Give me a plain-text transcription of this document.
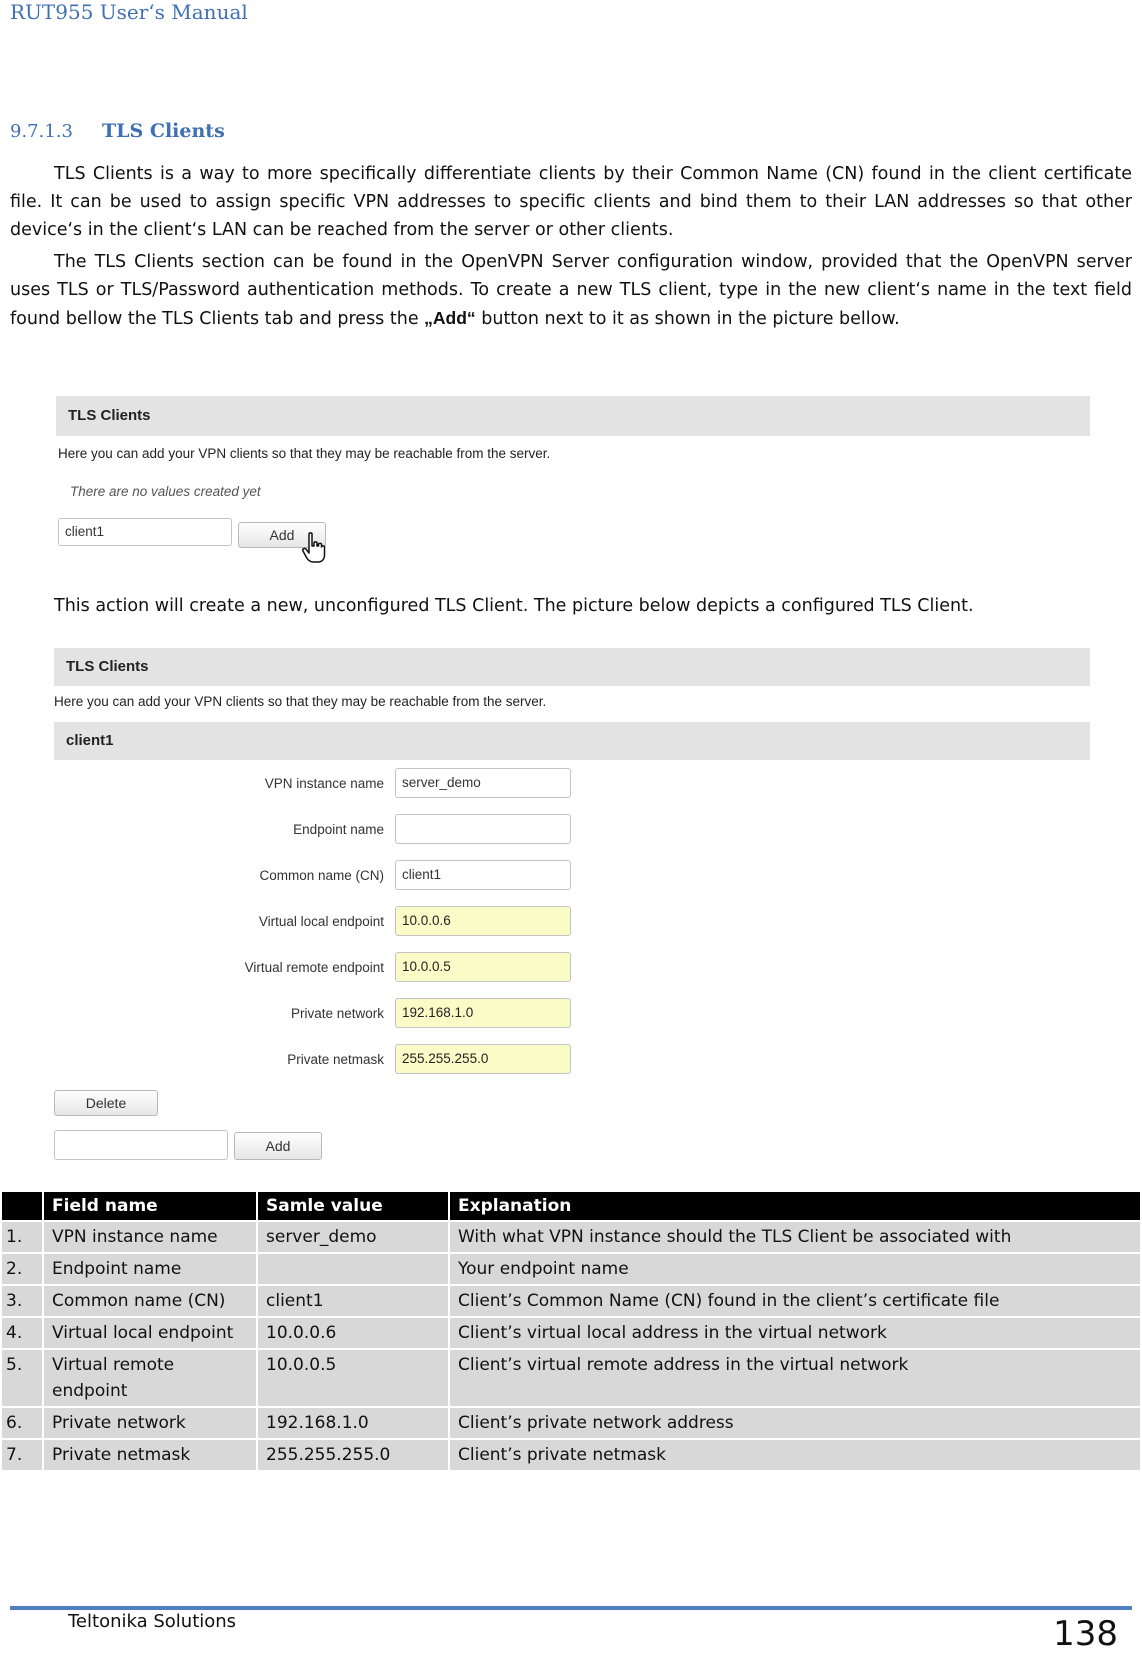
RUT955 User‘s Manual
9.7.1.3 TLS Clients
TLS Clients is a way to more specifically differentiate clients by their Common Name (CN) found in the client certificate file. It can be used to assign specific VPN addresses to specific clients and bind them to their LAN addresses so that other device‘s in the client‘s LAN can be reached from the server or other clients.
The TLS Clients section can be found in the OpenVPN Server configuration window, provided that the OpenVPN server uses TLS or TLS/Password authentication methods. To create a new TLS client, type in the new client‘s name in the text field found bellow the TLS Clients tab and press the „Add“ button next to it as shown in the picture bellow.
TLS Clients
Here you can add your VPN clients so that they may be reachable from the server.
There are no values created yet
client1	Add
This action will create a new, unconfigured TLS Client. The picture below depicts a configured TLS Client.
TLS Clients
Here you can add your VPN clients so that they may be reachable from the server.
client1
VPN instance name	server_demo
Endpoint name
Common name (CN)	client1
Virtual local endpoint	10.0.0.6
Virtual remote endpoint	10.0.0.5
Private network	192.168.1.0
Private netmask	255.255.255.0
Delete
Add
	Field name	Samle value	Explanation
1.	VPN instance name	server_demo	With what VPN instance should the TLS Client be associated with
2.	Endpoint name		Your endpoint name
3.	Common name (CN)	client1	Client’s Common Name (CN) found in the client’s certificate file
4.	Virtual local endpoint	10.0.0.6	Client’s virtual local address in the virtual network
5.	Virtual remote endpoint	10.0.0.5	Client’s virtual remote address in the virtual network
6.	Private network	192.168.1.0	Client’s private network address
7.	Private netmask	255.255.255.0	Client’s private netmask
Teltonika Solutions	138
